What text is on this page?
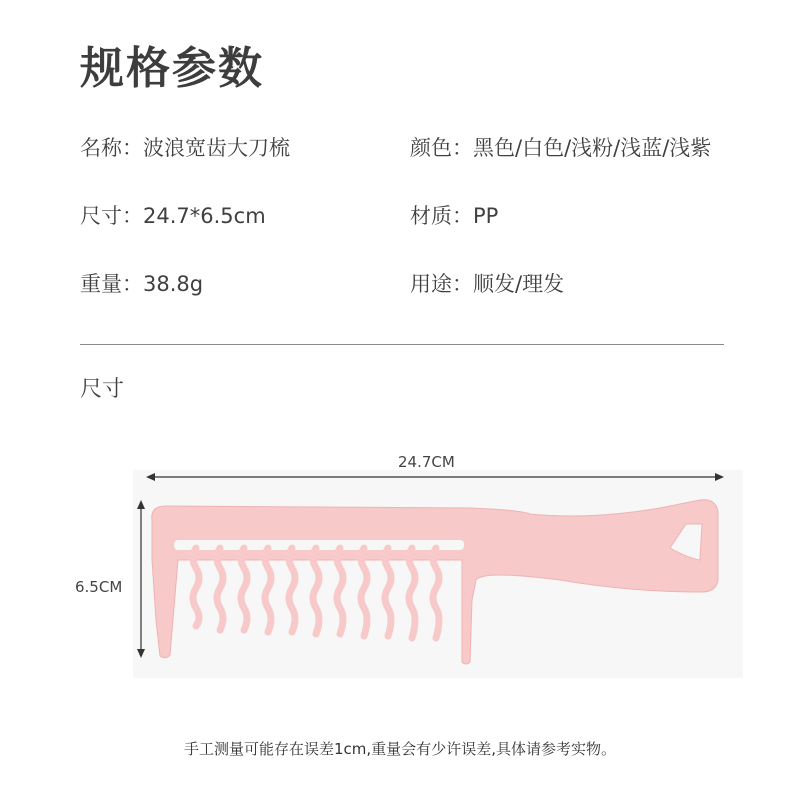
规格参数
名称：波浪宽齿大刀梳	颜色：黑色/白色/浅粉/浅蓝/浅紫
尺寸：24.7*6.5cm	材质：PP
重量：38.8g	用途：顺发/理发
尺寸
24.7CM
6.5CM
手工测量可能存在误差1cm,重量会有少许误差,具体请参考实物。
